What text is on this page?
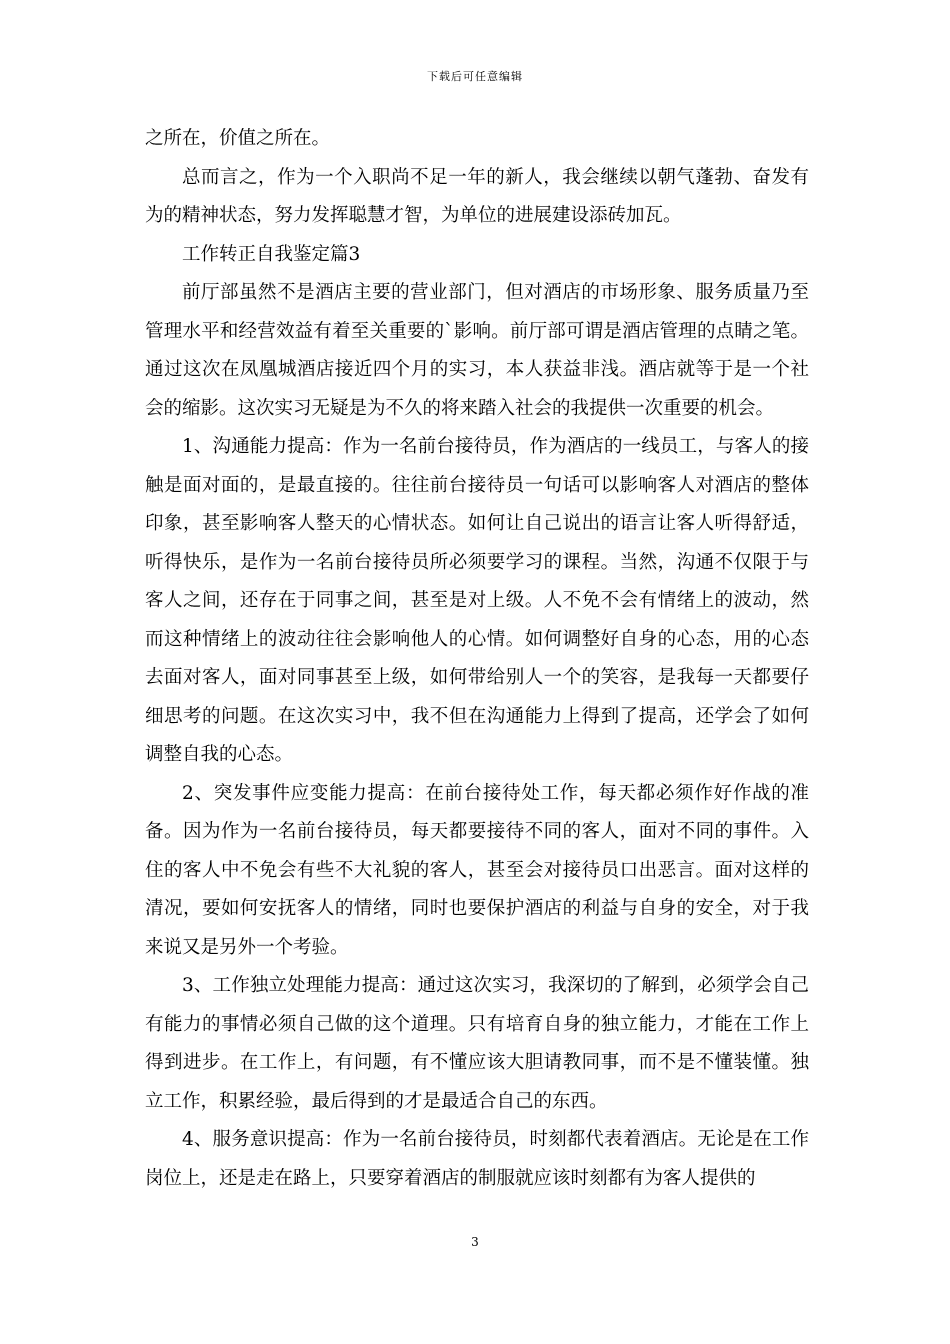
下载后可任意编辑

之所在，价值之所在。

总而言之，作为一个入职尚不足一年的新人，我会继续以朝气蓬勃、奋发有为的精神状态，努力发挥聪慧才智，为单位的进展建设添砖加瓦。

工作转正自我鉴定篇3

前厅部虽然不是酒店主要的营业部门，但对酒店的市场形象、服务质量乃至管理水平和经营效益有着至关重要的`影响。前厅部可谓是酒店管理的点睛之笔。通过这次在凤凰城酒店接近四个月的实习，本人获益非浅。酒店就等于是一个社会的缩影。这次实习无疑是为不久的将来踏入社会的我提供一次重要的机会。

1、沟通能力提高：作为一名前台接待员，作为酒店的一线员工，与客人的接触是面对面的，是最直接的。往往前台接待员一句话可以影响客人对酒店的整体印象，甚至影响客人整天的心情状态。如何让自己说出的语言让客人听得舒适，听得快乐，是作为一名前台接待员所必须要学习的课程。当然，沟通不仅限于与客人之间，还存在于同事之间，甚至是对上级。人不免不会有情绪上的波动，然而这种情绪上的波动往往会影响他人的心情。如何调整好自身的心态，用的心态去面对客人，面对同事甚至上级，如何带给别人一个的笑容，是我每一天都要仔细思考的问题。在这次实习中，我不但在沟通能力上得到了提高，还学会了如何调整自我的心态。

2、突发事件应变能力提高：在前台接待处工作，每天都必须作好作战的准备。因为作为一名前台接待员，每天都要接待不同的客人，面对不同的事件。入住的客人中不免会有些不大礼貌的客人，甚至会对接待员口出恶言。面对这样的清况，要如何安抚客人的情绪，同时也要保护酒店的利益与自身的安全，对于我来说又是另外一个考验。

3、工作独立处理能力提高：通过这次实习，我深切的了解到，必须学会自己有能力的事情必须自己做的这个道理。只有培育自身的独立能力，才能在工作上得到进步。在工作上，有问题，有不懂应该大胆请教同事，而不是不懂装懂。独立工作，积累经验，最后得到的才是最适合自己的东西。

4、服务意识提高：作为一名前台接待员，时刻都代表着酒店。无论是在工作岗位上，还是走在路上，只要穿着酒店的制服就应该时刻都有为客人提供的

3
